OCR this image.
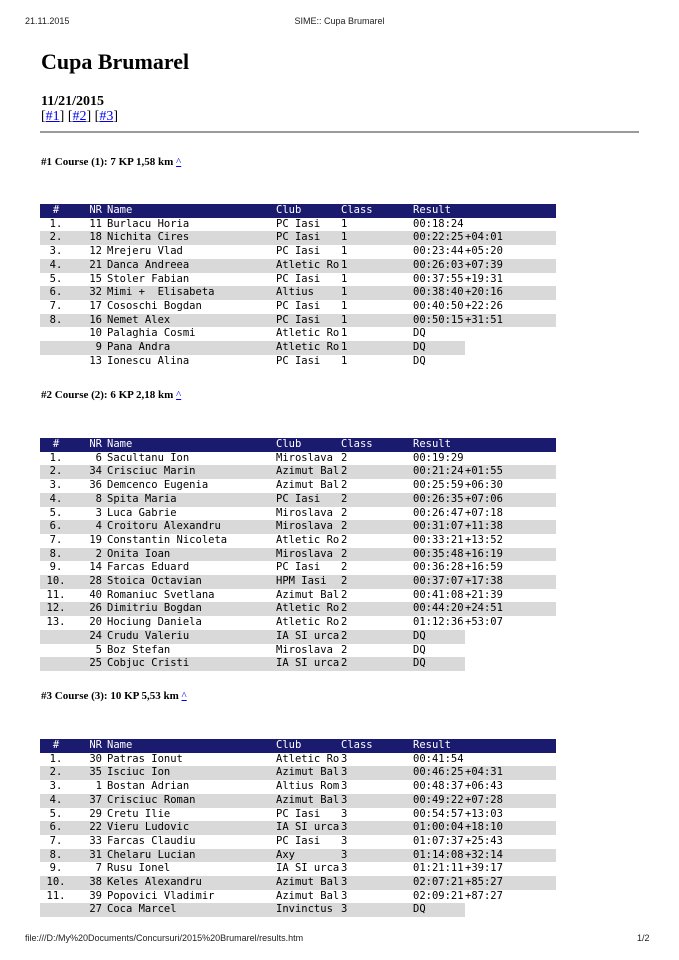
21.11.2015	SIME:: Cupa Brumarel
Cupa Brumarel
11/21/2015
[#1] [#2] [#3]
#1 Course (1): 7 KP 1,58 km ^
#	NR	Name	Club	Class	Result	
1.	11	Burlacu Horia	PC Iasi	1	00:18:24	
2.	18	Nichita Cires	PC Iasi	1	00:22:25	+04:01
3.	12	Mrejeru Vlad	PC Iasi	1	00:23:44	+05:20
4.	21	Danca Andreea	Atletic Ro	1	00:26:03	+07:39
5.	15	Stoler Fabian	PC Iasi	1	00:37:55	+19:31
6.	32	Mimi +  Elisabeta	Altius	1	00:38:40	+20:16
7.	17	Cososchi Bogdan	PC Iasi	1	00:40:50	+22:26
8.	16	Nemet Alex	PC Iasi	1	00:50:15	+31:51
	10	Palaghia Cosmi	Atletic Ro	1	DQ	
	9	Pana Andra	Atletic Ro	1	DQ	
	13	Ionescu Alina	PC Iasi	1	DQ	
#2 Course (2): 6 KP 2,18 km ^
#	NR	Name	Club	Class	Result	
1.	6	Sacultanu Ion	Miroslava	2	00:19:29	
2.	34	Crisciuc Marin	Azimut Bal	2	00:21:24	+01:55
3.	36	Demcenco Eugenia	Azimut Bal	2	00:25:59	+06:30
4.	8	Spita Maria	PC Iasi	2	00:26:35	+07:06
5.	3	Luca Gabrie	Miroslava	2	00:26:47	+07:18
6.	4	Croitoru Alexandru	Miroslava	2	00:31:07	+11:38
7.	19	Constantin Nicoleta	Atletic Ro	2	00:33:21	+13:52
8.	2	Onita Ioan	Miroslava	2	00:35:48	+16:19
9.	14	Farcas Eduard	PC Iasi	2	00:36:28	+16:59
10.	28	Stoica Octavian	HPM Iasi	2	00:37:07	+17:38
11.	40	Romaniuc Svetlana	Azimut Bal	2	00:41:08	+21:39
12.	26	Dimitriu Bogdan	Atletic Ro	2	00:44:20	+24:51
13.	20	Hociung Daniela	Atletic Ro	2	01:12:36	+53:07
	24	Crudu Valeriu	IA SI urca	2	DQ	
	5	Boz Stefan	Miroslava	2	DQ	
	25	Cobjuc Cristi	IA SI urca	2	DQ	
#3 Course (3): 10 KP 5,53 km ^
#	NR	Name	Club	Class	Result	
1.	30	Patras Ionut	Atletic Ro	3	00:41:54	
2.	35	Isciuc Ion	Azimut Bal	3	00:46:25	+04:31
3.	1	Bostan Adrian	Altius Rom	3	00:48:37	+06:43
4.	37	Crisciuc Roman	Azimut Bal	3	00:49:22	+07:28
5.	29	Cretu Ilie	PC Iasi	3	00:54:57	+13:03
6.	22	Vieru Ludovic	IA SI urca	3	01:00:04	+18:10
7.	33	Farcas Claudiu	PC Iasi	3	01:07:37	+25:43
8.	31	Chelaru Lucian	Axy	3	01:14:08	+32:14
9.	7	Rusu Ionel	IA SI urca	3	01:21:11	+39:17
10.	38	Keles Alexandru	Azimut Bal	3	02:07:21	+85:27
11.	39	Popovici Vladimir	Azimut Bal	3	02:09:21	+87:27
	27	Coca Marcel	Invinctus	3	DQ	
file:///D:/My%20Documents/Concursuri/2015%20Brumarel/results.htm	1/2
